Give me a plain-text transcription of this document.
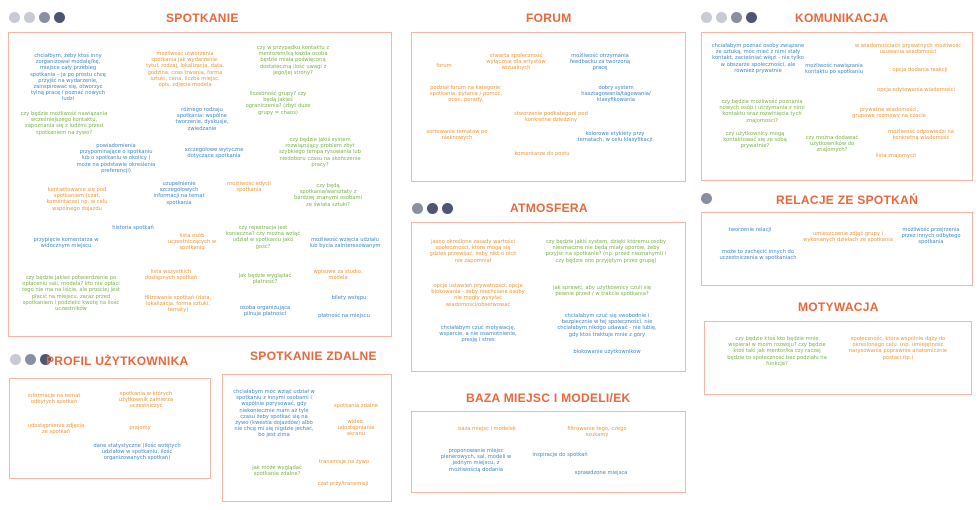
SPOTKANIE	FORUM	KOMUNIKACJA
ATMOSFERA
RELACJE ZE SPOTKAŃ
MOTYWACJA
PROFIL UŻYTKOWNIKA	SPOTKANIE ZDALNE
BAZA MIEJSC I MODELI/EK
chciałbym, żeby ktoś inny zorganizował modalę/kę, miejsce cały przebieg spotkania – ja po prostu chcę przyjść na wydarzenie, zainspirować się, otworzyć tylną pracę i poznać nowych ludzi
możliwość utworzenia spotkania jak wydarzenie: tytuł, rodzaj, lokalizacja, data, godzina, czas trwania, forma sztuki, cena, liczba miejsc, opis, zdjęcie modela
czy w przypadku kontaktu z mentorem/ką każda osoba będzie miała poświęconą dostateczną ilość uwagi z jego/jej strony?
czy będzie możliwość nawiązania wcześniejszego kontaktu, zapoznania się z ludźmi przed spotkaniem na żywo?
różnego rodzaju spotkania: wspólne tworzenie, dyskusje, zwiedzanie
liczebność grupy? czy będą jakieś ograniczenia? (zbyt duże grupy = chaos)
powiadomienia przypominające o spotkaniu lub o spotkaniu w okolicy ( może na podstawie określenia preferencji)
szczegółowe wytyczne dotyczące spotkania
czy będzie jakiś system rozwiązujący problem zbyt szybkiego tempa rysowania lub niedoboru czasu na skończenie pracy?
kontaktowanie się pod spotkaniem (czat, komentarze) np. w celu wspólnego dojazdu
uzupełnienie szczegółowych informacji na temat spotkania
możliwość edycji spotkania
czy będą spotkania/warsztaty z bardziej znanymi osobami ze świata sztuki?
przypięcie komentarza w widocznym miejscu
historia spotkań
lista osób uczestniczących w spotkaniu
czy rejestracja jest konieczna? czy można wziąć udział w spotkaniu jako gość?
możliwość wzięcia udziału lub bycia zainteresowanym
lista wszystkich dostępnych spotkań	jak będzie wyglądać płatność?
wpisowe za studio, modela
czy będzie jakieś potwierdzenie po opłaceniu sali, modela? kto nie opłaci tego nie ma na liście, ale prościej jest płacić na miejscu, zaraz przed spotkaniem i podzielić kwotę na ilość uczestników
filtrowanie spotkań (data, lokalizacja, forma sztuki, tematy)	osoba organizująca pilnuje płatności
bilety wstępu
płatność na miejscu
forum
otwarta społeczność wyłącznie dla artystów wizualnych
możliwość otrzymania feedbacku za tworzoną pracę
podział forum na kategorie: spotkania, pytania / pomoc, ocen, porady,
dobry system hasztagowania/tagowania/ klasyfikowania
stworzenie podkategorii pod konkretne dziedziny
sortowanie tematów po nieknowych
kolorowe etykiety przy tematach, w celu klasyfikacji
komentarze do postu
chciałabym poznać osoby związane ze sztuką, móc mieć z nimi stały kontakt, zacieśniać więzi - nie tylko w obszarze społeczności, ale również prywatnie
w wiadomościach prywatnych możliwość usuwania wiadomości
możliwość nawiązania kontaktu po spotkaniu	opcja dodania reakcji
opcja edytowania wiadomości
czy będzie możliwość poznania nowych osób i utrzymania z nimi kontaktu oraz rozwinięcia tych znajomości?
prywatne wiadomości, grupowe rozmowy na czacie
czy użytkownicy mogą kontaktować się ze sobą prywatnie?
czy można dodawać użytkowników do znajomych?
możliwość odpowiedzi na konkretną wiadomość
lista znajomych
jasno określone zasady wartości społeczności, które mogą się gdzieś przewijać, żeby nikt o nich nie zapomniał
czy będzie jakiś system, dzięki któremu osoby niesmaczne nie będą miały oporów, żeby przyjść na spotkanie? (np. przed nieznanymi) i czy będzie ono przyjętym przez grupę)
opcje ustawień prywatności, opcje blokowania - żeby niechciane osoby nie mogły wysyłać wiadomości/obserwować
jak sprawić, aby użytkownicy czuli się pewnie przed / w trakcie spotkania?
chciałabym czuć motywację, wsparcie, a nie osamotnienie, presję i stres
chciałabym czuć się swobodnie i bezpiecznie w tej społeczności, nie chciałabym nikogo udawać - nie lubię, gdy ktoś traktuje mnie z góry
blokowanie użytkowników
tworzenie relacji
umieszczenie zdjęć grupy i wykonanych dziełach ze spotkania
możliwość przejrzenia przez innych odbytego spotkania
może to zachęcić innych do uczestniczenia w spotkaniach
czy będzie ktoś kto będzie mnie wspierał w moim rozwoju? czy będzie ktoś taki jak mentor/ka czy raczej będzie to społeczność bez podziału na funkcje?
społeczność, która wspólnie dąży do określonego celu. (np. umiejętność narysowania poprawnie anatomicznie postaci itp.)
informacje na temat odbytych spotkań
spotkania w których użytkownik zamierza uczestniczyć
udostępnienie zdjęcia ze spotkań
prajomy
dane statystyczne (ilość wziętych udziałów w spotkaniu, ilość organizowanych spotkań)
chciałabym móc wziąć udział w spotkaniu z innymi osobami i wspólnie porysować, gdy niekoniecznie mam aż tyle czasu żeby spotkać się na żywo (kwestia dojazdów) albo nie chcę mi się nigdzie jechać, bo jest zima
spotkania zdalne
wideo, udostępnianie ekranu
jak może wyglądać spotkanie zdalne?
transmisje na żywo
czat przy/transmisji
baza miejsc i modelek	filtrowanie tego, czego szukamy
proponowanie miejsc plenerowych, sal, modeli w jednym miejscu, z możliwością dodania
inspiracje do spotkań
sprawdzone miejsca
